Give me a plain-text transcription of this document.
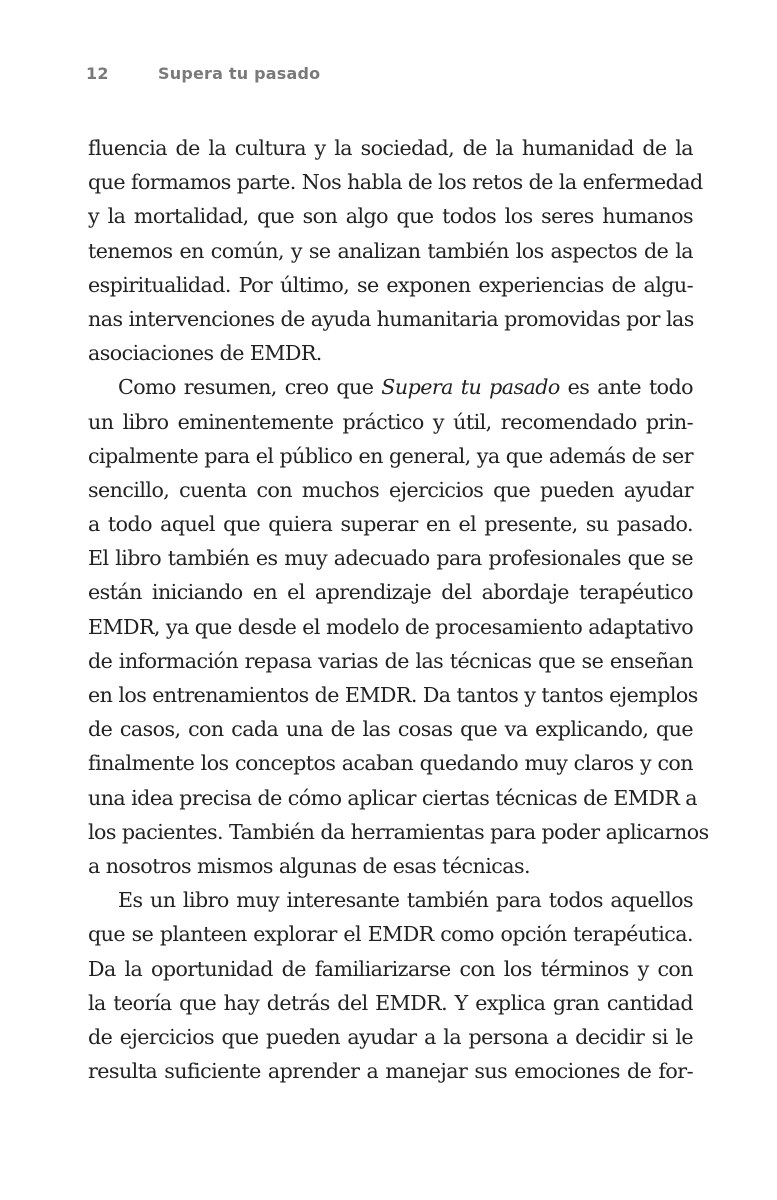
12	Supera tu pasado
fluencia de la cultura y la sociedad, de la humanidad de la
que formamos parte. Nos habla de los retos de la enfermedad
y la mortalidad, que son algo que todos los seres humanos
tenemos en común, y se analizan también los aspectos de la
espiritualidad. Por último, se exponen experiencias de algu-
nas intervenciones de ayuda humanitaria promovidas por las
asociaciones de EMDR.
Como resumen, creo que Supera tu pasado es ante todo
un libro eminentemente práctico y útil, recomendado prin-
cipalmente para el público en general, ya que además de ser
sencillo, cuenta con muchos ejercicios que pueden ayudar
a todo aquel que quiera superar en el presente, su pasado.
El libro también es muy adecuado para profesionales que se
están iniciando en el aprendizaje del abordaje terapéutico
EMDR, ya que desde el modelo de procesamiento adaptativo
de información repasa varias de las técnicas que se enseñan
en los entrenamientos de EMDR. Da tantos y tantos ejemplos
de casos, con cada una de las cosas que va explicando, que
finalmente los conceptos acaban quedando muy claros y con
una idea precisa de cómo aplicar ciertas técnicas de EMDR a
los pacientes. También da herramientas para poder aplicarnos
a nosotros mismos algunas de esas técnicas.
Es un libro muy interesante también para todos aquellos
que se planteen explorar el EMDR como opción terapéutica.
Da la oportunidad de familiarizarse con los términos y con
la teoría que hay detrás del EMDR. Y explica gran cantidad
de ejercicios que pueden ayudar a la persona a decidir si le
resulta suficiente aprender a manejar sus emociones de for-
